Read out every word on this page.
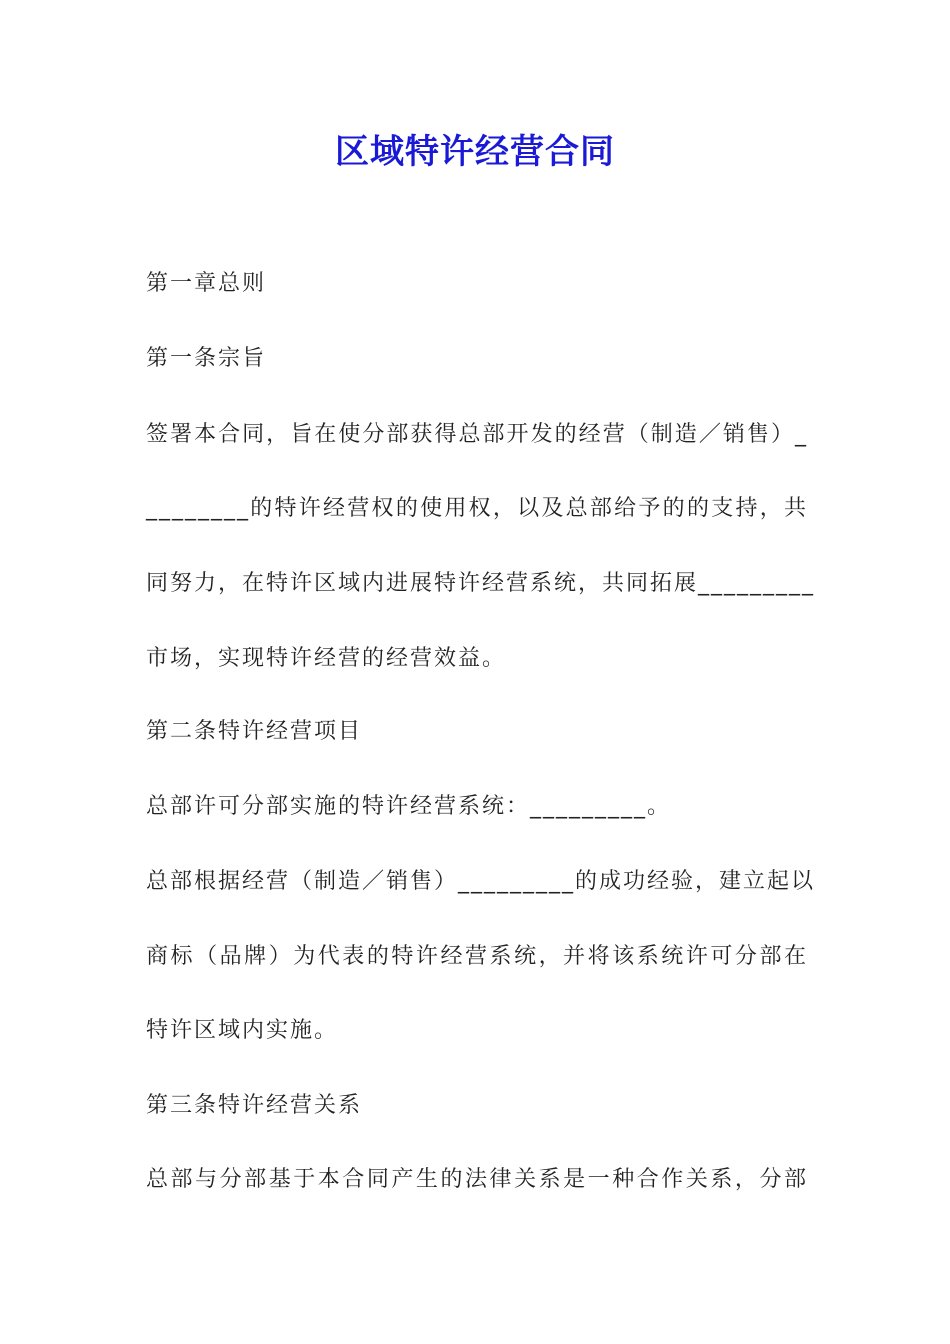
区域特许经营合同
第一章总则
第一条宗旨
签署本合同，旨在使分部获得总部开发的经营（制造／销售）_
________的特许经营权的使用权，以及总部给予的的支持，共
同努力，在特许区域内进展特许经营系统，共同拓展_________
市场，实现特许经营的经营效益。
第二条特许经营项目
总部许可分部实施的特许经营系统：_________。
总部根据经营（制造／销售）_________的成功经验，建立起以
商标（品牌）为代表的特许经营系统，并将该系统许可分部在
特许区域内实施。
第三条特许经营关系
总部与分部基于本合同产生的法律关系是一种合作关系，分部
